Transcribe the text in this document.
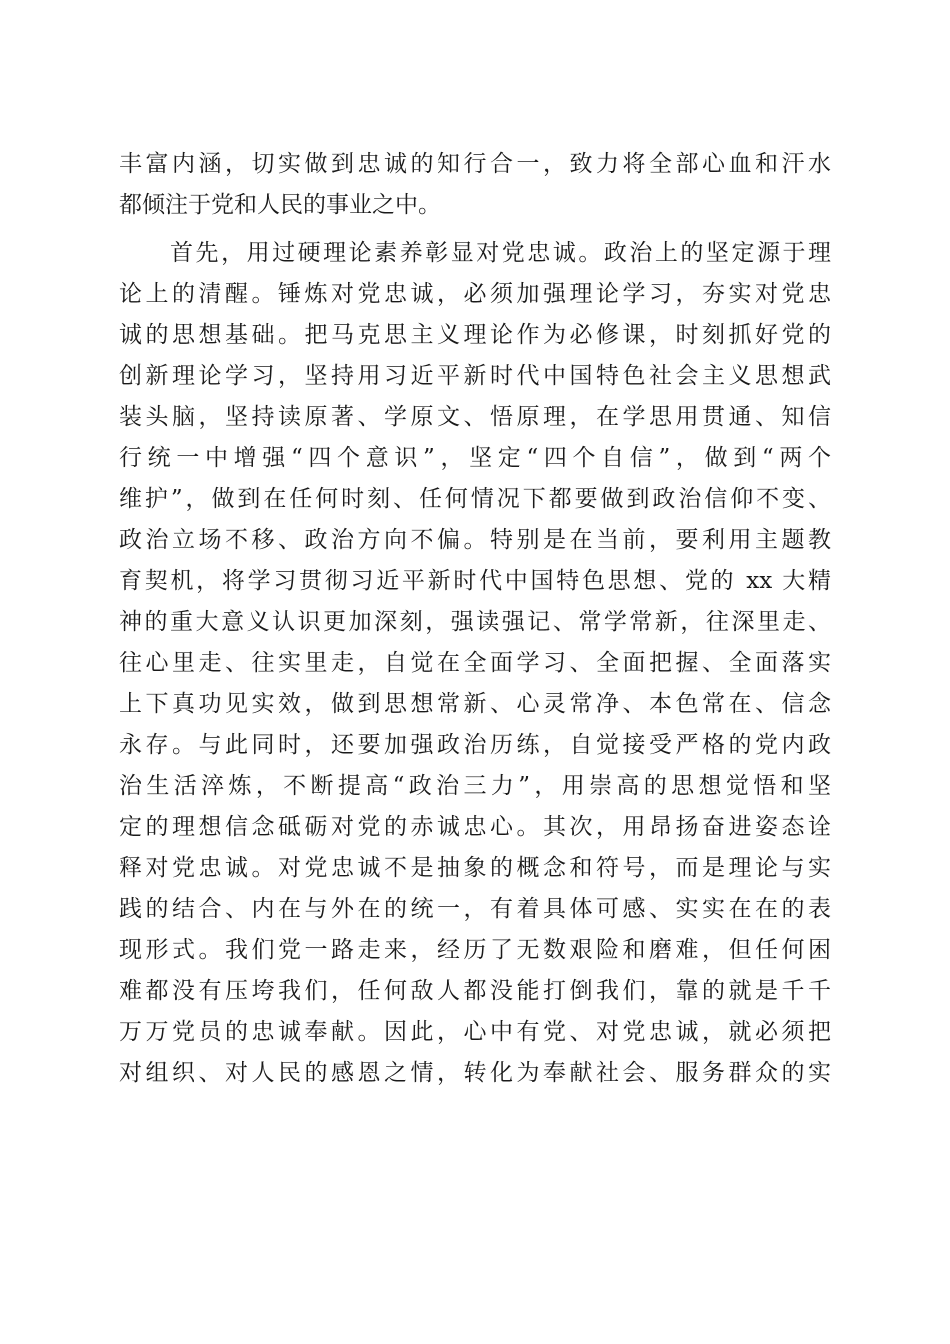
丰富内涵，切实做到忠诚的知行合一，致力将全部心血和汗水
都倾注于党和人民的事业之中。
　　首先，用过硬理论素养彰显对党忠诚。政治上的坚定源于理
论上的清醒。锤炼对党忠诚，必须加强理论学习，夯实对党忠
诚的思想基础。把马克思主义理论作为必修课，时刻抓好党的
创新理论学习，坚持用习近平新时代中国特色社会主义思想武
装头脑，坚持读原著、学原文、悟原理，在学思用贯通、知信
行统一中增强“四个意识”，坚定“四个自信”，做到“两个
维护”，做到在任何时刻、任何情况下都要做到政治信仰不变、
政治立场不移、政治方向不偏。特别是在当前，要利用主题教
育契机，将学习贯彻习近平新时代中国特色思想、党的 xx 大精
神的重大意义认识更加深刻，强读强记、常学常新，往深里走、
往心里走、往实里走，自觉在全面学习、全面把握、全面落实
上下真功见实效，做到思想常新、心灵常净、本色常在、信念
永存。与此同时，还要加强政治历练，自觉接受严格的党内政
治生活淬炼，不断提高“政治三力”，用崇高的思想觉悟和坚
定的理想信念砥砺对党的赤诚忠心。其次，用昂扬奋进姿态诠
释对党忠诚。对党忠诚不是抽象的概念和符号，而是理论与实
践的结合、内在与外在的统一，有着具体可感、实实在在的表
现形式。我们党一路走来，经历了无数艰险和磨难，但任何困
难都没有压垮我们，任何敌人都没能打倒我们，靠的就是千千
万万党员的忠诚奉献。因此，心中有党、对党忠诚，就必须把
对组织、对人民的感恩之情，转化为奉献社会、服务群众的实
